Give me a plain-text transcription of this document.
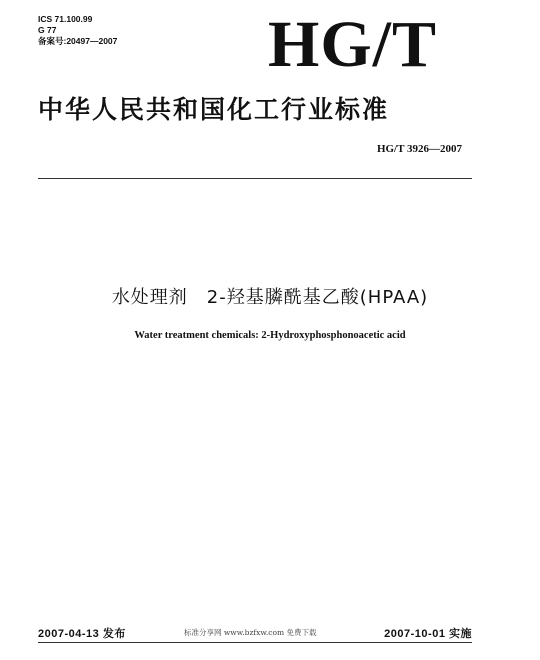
ICS 71.100.99
G 77
备案号:20497—2007 HG/T
中华人民共和国化工行业标准
HG/T 3926—2007
水处理剂　2-羟基膦酰基乙酸(HPAA)
Water treatment chemicals: 2-Hydroxyphosphonoacetic acid
2007-04-13 发布	标准分享网 www.bzfxw.com 免费下载	2007-10-01 实施
